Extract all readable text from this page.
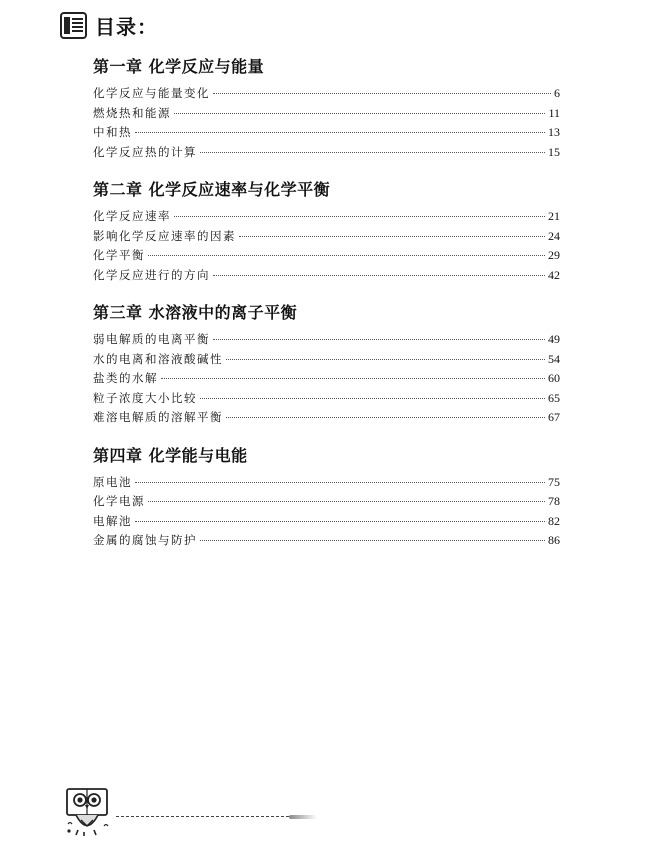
目录：
第一章 化学反应与能量
化学反应与能量变化	6
燃烧热和能源	11
中和热	13
化学反应热的计算	15
第二章 化学反应速率与化学平衡
化学反应速率	21
影响化学反应速率的因素	24
化学平衡	29
化学反应进行的方向	42
第三章 水溶液中的离子平衡
弱电解质的电离平衡	49
水的电离和溶液酸碱性	54
盐类的水解	60
粒子浓度大小比较	65
难溶电解质的溶解平衡	67
第四章 化学能与电能
原电池	75
化学电源	78
电解池	82
金属的腐蚀与防护	86
